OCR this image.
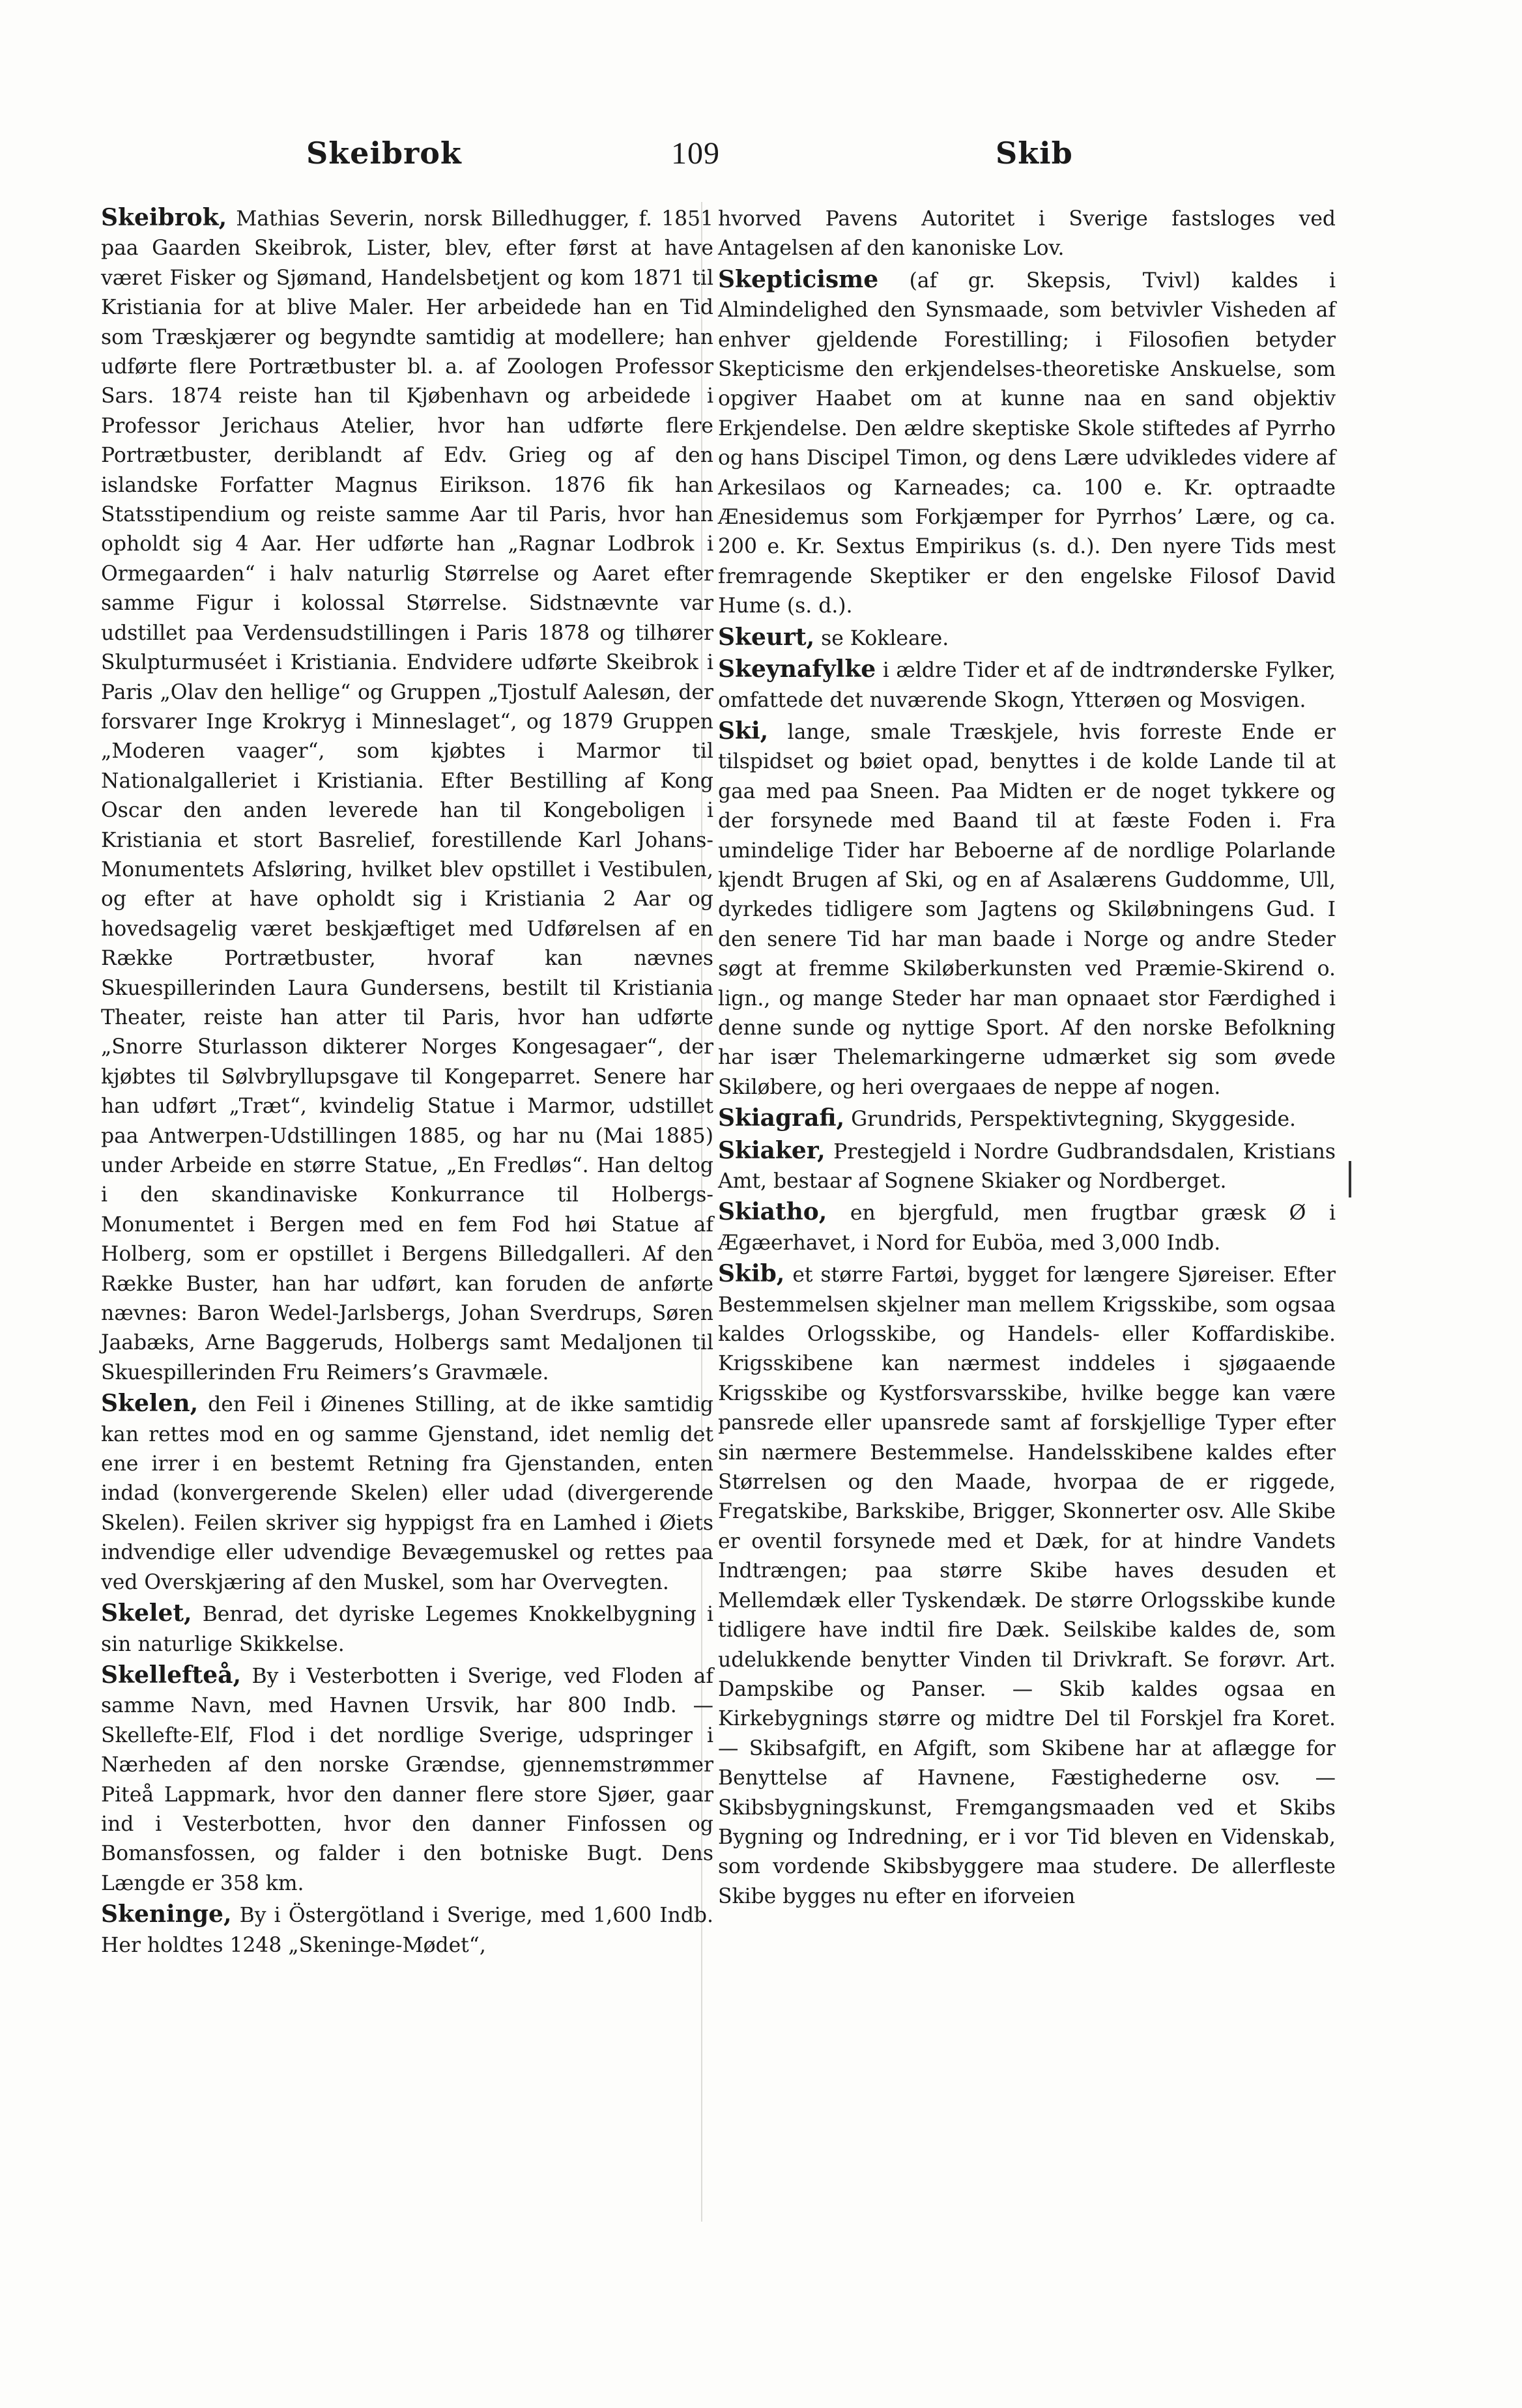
Skeibrok	109	Skib

Skeibrok, Mathias Severin, norsk Billedhugger, f. 1851 paa Gaarden Skeibrok, Lister, blev, efter først at have været Fisker og Sjømand, Handelsbetjent og kom 1871 til Kristiania for at blive Maler. Her arbeidede han en Tid som Træskjærer og begyndte samtidig at modellere; han udførte flere Portrætbuster bl. a. af Zoologen Professor Sars. 1874 reiste han til Kjøbenhavn og arbeidede i Professor Jerichaus Atelier, hvor han udførte flere Portrætbuster, deriblandt af Edv. Grieg og af den islandske Forfatter Magnus Eirikson. 1876 fik han Statsstipendium og reiste samme Aar til Paris, hvor han opholdt sig 4 Aar. Her udførte han „Ragnar Lodbrok i Ormegaarden“ i halv naturlig Størrelse og Aaret efter samme Figur i kolossal Størrelse. Sidstnævnte var udstillet paa Verdensudstillingen i Paris 1878 og tilhører Skulpturmuséet i Kristiania. Endvidere udførte Skeibrok i Paris „Olav den hellige“ og Gruppen „Tjostulf Aalesøn, der forsvarer Inge Krokryg i Minneslaget“, og 1879 Gruppen „Moderen vaager“, som kjøbtes i Marmor til Nationalgalleriet i Kristiania. Efter Bestilling af Kong Oscar den anden leverede han til Kongeboligen i Kristiania et stort Basrelief, forestillende Karl Johans-Monumentets Afsløring, hvilket blev opstillet i Vestibulen, og efter at have opholdt sig i Kristiania 2 Aar og hovedsagelig været beskjæftiget med Udførelsen af en Række Portrætbuster, hvoraf kan nævnes Skuespillerinden Laura Gundersens, bestilt til Kristiania Theater, reiste han atter til Paris, hvor han udførte „Snorre Sturlasson dikterer Norges Kongesagaer“, der kjøbtes til Sølvbryllupsgave til Kongeparret. Senere har han udført „Træt“, kvindelig Statue i Marmor, udstillet paa Antwerpen-Udstillingen 1885, og har nu (Mai 1885) under Arbeide en større Statue, „En Fredløs“. Han deltog i den skandinaviske Konkurrance til Holbergs-Monumentet i Bergen med en fem Fod høi Statue af Holberg, som er opstillet i Bergens Billedgalleri. Af den Række Buster, han har udført, kan foruden de anførte nævnes: Baron Wedel-Jarlsbergs, Johan Sverdrups, Søren Jaabæks, Arne Baggeruds, Holbergs samt Medaljonen til Skuespillerinden Fru Reimers’s Gravmæle.

Skelen, den Feil i Øinenes Stilling, at de ikke samtidig kan rettes mod en og samme Gjenstand, idet nemlig det ene irrer i en bestemt Retning fra Gjenstanden, enten indad (konvergerende Skelen) eller udad (divergerende Skelen). Feilen skriver sig hyppigst fra en Lamhed i Øiets indvendige eller udvendige Bevægemuskel og rettes paa ved Overskjæring af den Muskel, som har Overvegten.

Skelet, Benrad, det dyriske Legemes Knokkelbygning i sin naturlige Skikkelse.

Skellefteå, By i Vesterbotten i Sverige, ved Floden af samme Navn, med Havnen Ursvik, har 800 Indb. — Skellefte-Elf, Flod i det nordlige Sverige, udspringer i Nærheden af den norske Grændse, gjennemstrømmer Piteå Lappmark, hvor den danner flere store Sjøer, gaar ind i Vesterbotten, hvor den danner Finfossen og Bomansfossen, og falder i den botniske Bugt. Dens Længde er 358 km.

Skeninge, By i Östergötland i Sverige, med 1,600 Indb. Her holdtes 1248 „Skeninge-Mødet“,

hvorved Pavens Autoritet i Sverige fastsloges ved Antagelsen af den kanoniske Lov.

Skepticisme (af gr. Skepsis, Tvivl) kaldes i Almindelighed den Synsmaade, som betvivler Visheden af enhver gjeldende Forestilling; i Filosofien betyder Skepticisme den erkjendelses-theoretiske Anskuelse, som opgiver Haabet om at kunne naa en sand objektiv Erkjendelse. Den ældre skeptiske Skole stiftedes af Pyrrho og hans Discipel Timon, og dens Lære udvikledes videre af Arkesilaos og Karneades; ca. 100 e. Kr. optraadte Ænesidemus som Forkjæmper for Pyrrhos’ Lære, og ca. 200 e. Kr. Sextus Empirikus (s. d.). Den nyere Tids mest fremragende Skeptiker er den engelske Filosof David Hume (s. d.).

Skeurt, se Kokleare.

Skeynafylke i ældre Tider et af de indtrønderske Fylker, omfattede det nuværende Skogn, Ytterøen og Mosvigen.

Ski, lange, smale Træskjele, hvis forreste Ende er tilspidset og bøiet opad, benyttes i de kolde Lande til at gaa med paa Sneen. Paa Midten er de noget tykkere og der forsynede med Baand til at fæste Foden i. Fra umindelige Tider har Beboerne af de nordlige Polarlande kjendt Brugen af Ski, og en af Asalærens Guddomme, Ull, dyrkedes tidligere som Jagtens og Skiløbningens Gud. I den senere Tid har man baade i Norge og andre Steder søgt at fremme Skiløberkunsten ved Præmie-Skirend o. lign., og mange Steder har man opnaaet stor Færdighed i denne sunde og nyttige Sport. Af den norske Befolkning har især Thelemarkingerne udmærket sig som øvede Skiløbere, og heri overgaaes de neppe af nogen.

Skiagrafi, Grundrids, Perspektivtegning, Skyggeside.

Skiaker, Prestegjeld i Nordre Gudbrandsdalen, Kristians Amt, bestaar af Sognene Skiaker og Nordberget.

Skiatho, en bjergfuld, men frugtbar græsk Ø i Ægæerhavet, i Nord for Euböa, med 3,000 Indb.

Skib, et større Fartøi, bygget for længere Sjøreiser. Efter Bestemmelsen skjelner man mellem Krigsskibe, som ogsaa kaldes Orlogsskibe, og Handels- eller Koffardiskibe. Krigsskibene kan nærmest inddeles i sjøgaaende Krigsskibe og Kystforsvarsskibe, hvilke begge kan være pansrede eller upansrede samt af forskjellige Typer efter sin nærmere Bestemmelse. Handelsskibene kaldes efter Størrelsen og den Maade, hvorpaa de er riggede, Fregatskibe, Barkskibe, Brigger, Skonnerter osv. Alle Skibe er oventil forsynede med et Dæk, for at hindre Vandets Indtrængen; paa større Skibe haves desuden et Mellemdæk eller Tyskendæk. De større Orlogsskibe kunde tidligere have indtil fire Dæk. Seilskibe kaldes de, som udelukkende benytter Vinden til Drivkraft. Se forøvr. Art. Dampskibe og Panser. — Skib kaldes ogsaa en Kirkebygnings større og midtre Del til Forskjel fra Koret. — Skibsafgift, en Afgift, som Skibene har at aflægge for Benyttelse af Havnene, Fæstighederne osv. — Skibsbygningskunst, Fremgangsmaaden ved et Skibs Bygning og Indredning, er i vor Tid bleven en Videnskab, som vordende Skibsbyggere maa studere. De allerfleste Skibe bygges nu efter en iforveien
